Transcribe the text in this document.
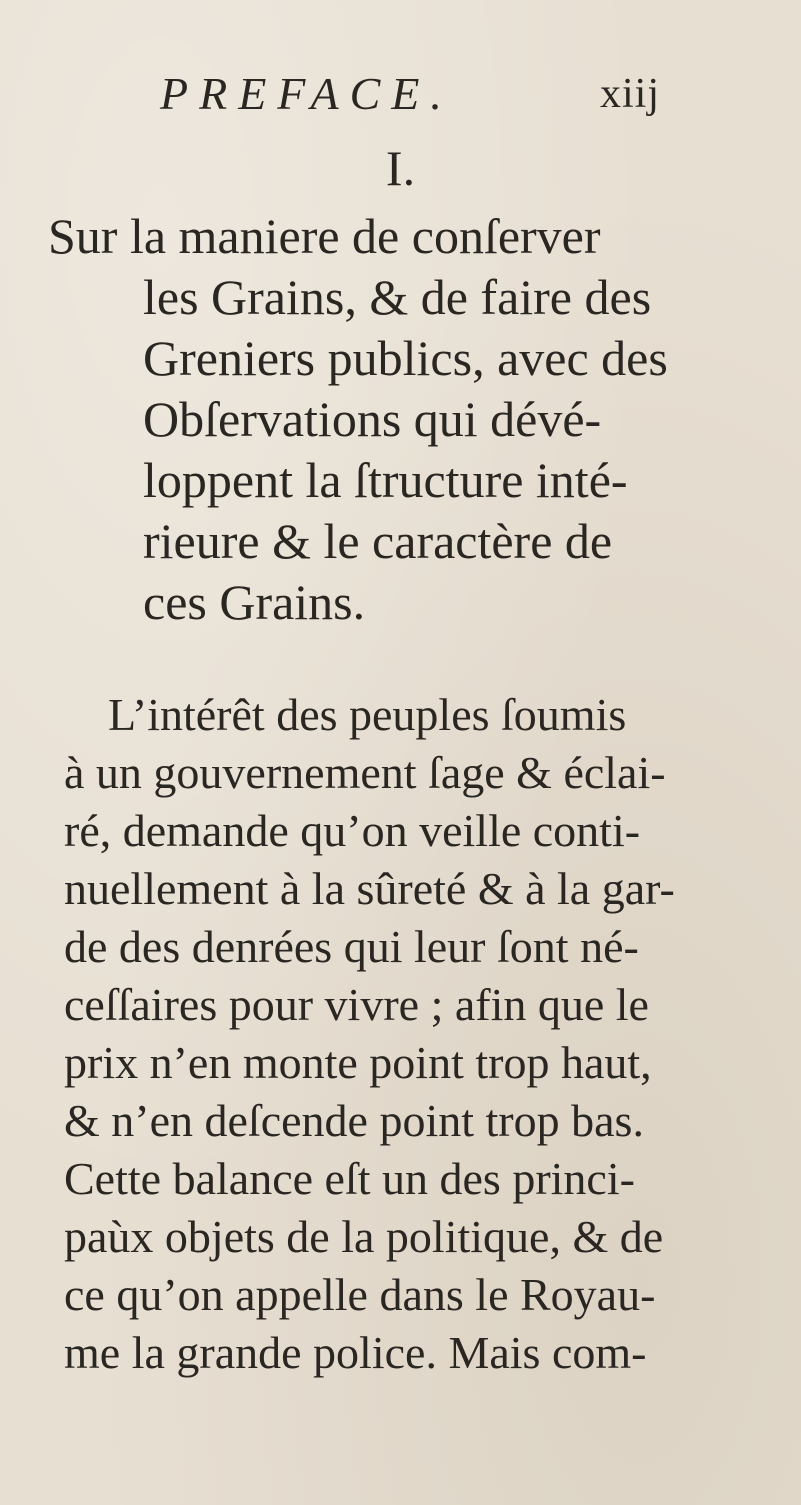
PREFACE.	xiij
I.
Sur la maniere de conſerver
les Grains, & de faire des
Greniers publics, avec des
Obſervations qui dévé-
loppent la ſtructure inté-
rieure & le caractère de
ces Grains.
L’intérêt des peuples ſoumis
à un gouvernement ſage & éclai-
ré, demande qu’on veille conti-
nuellement à la sûreté & à la gar-
de des denrées qui leur ſont né-
ceſſaires pour vivre ; afin que le
prix n’en monte point trop haut,
& n’en deſcende point trop bas.
Cette balance eſt un des princi-
paùx objets de la politique, & de
ce qu’on appelle dans le Royau-
me la grande police. Mais com-
